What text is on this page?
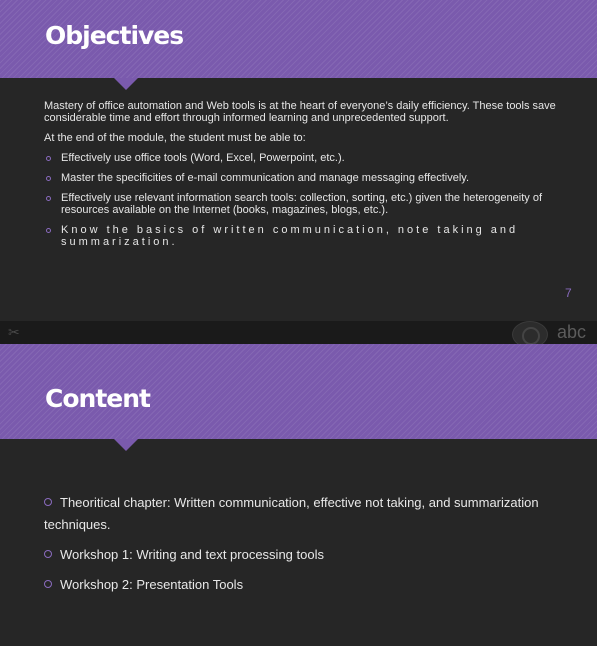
Objectives

Mastery of office automation and Web tools is at the heart of everyone’s daily efficiency. These tools save considerable time and effort through informed learning and unprecedented support.

At the end of the module, the student must be able to:

Effectively use office tools (Word, Excel, Powerpoint, etc.).
Master the specificities of e-mail communication and manage messaging effectively.
Effectively use relevant information search tools: collection, sorting, etc.) given the heterogeneity of resources available on the Internet (books, magazines, blogs, etc.).
Know the basics of written communication, note taking and summarization.
7
✂	abc
Content
Theoritical chapter: Written communication, effective not taking, and summarization techniques.
Workshop 1: Writing and text processing tools
Workshop 2: Presentation Tools
